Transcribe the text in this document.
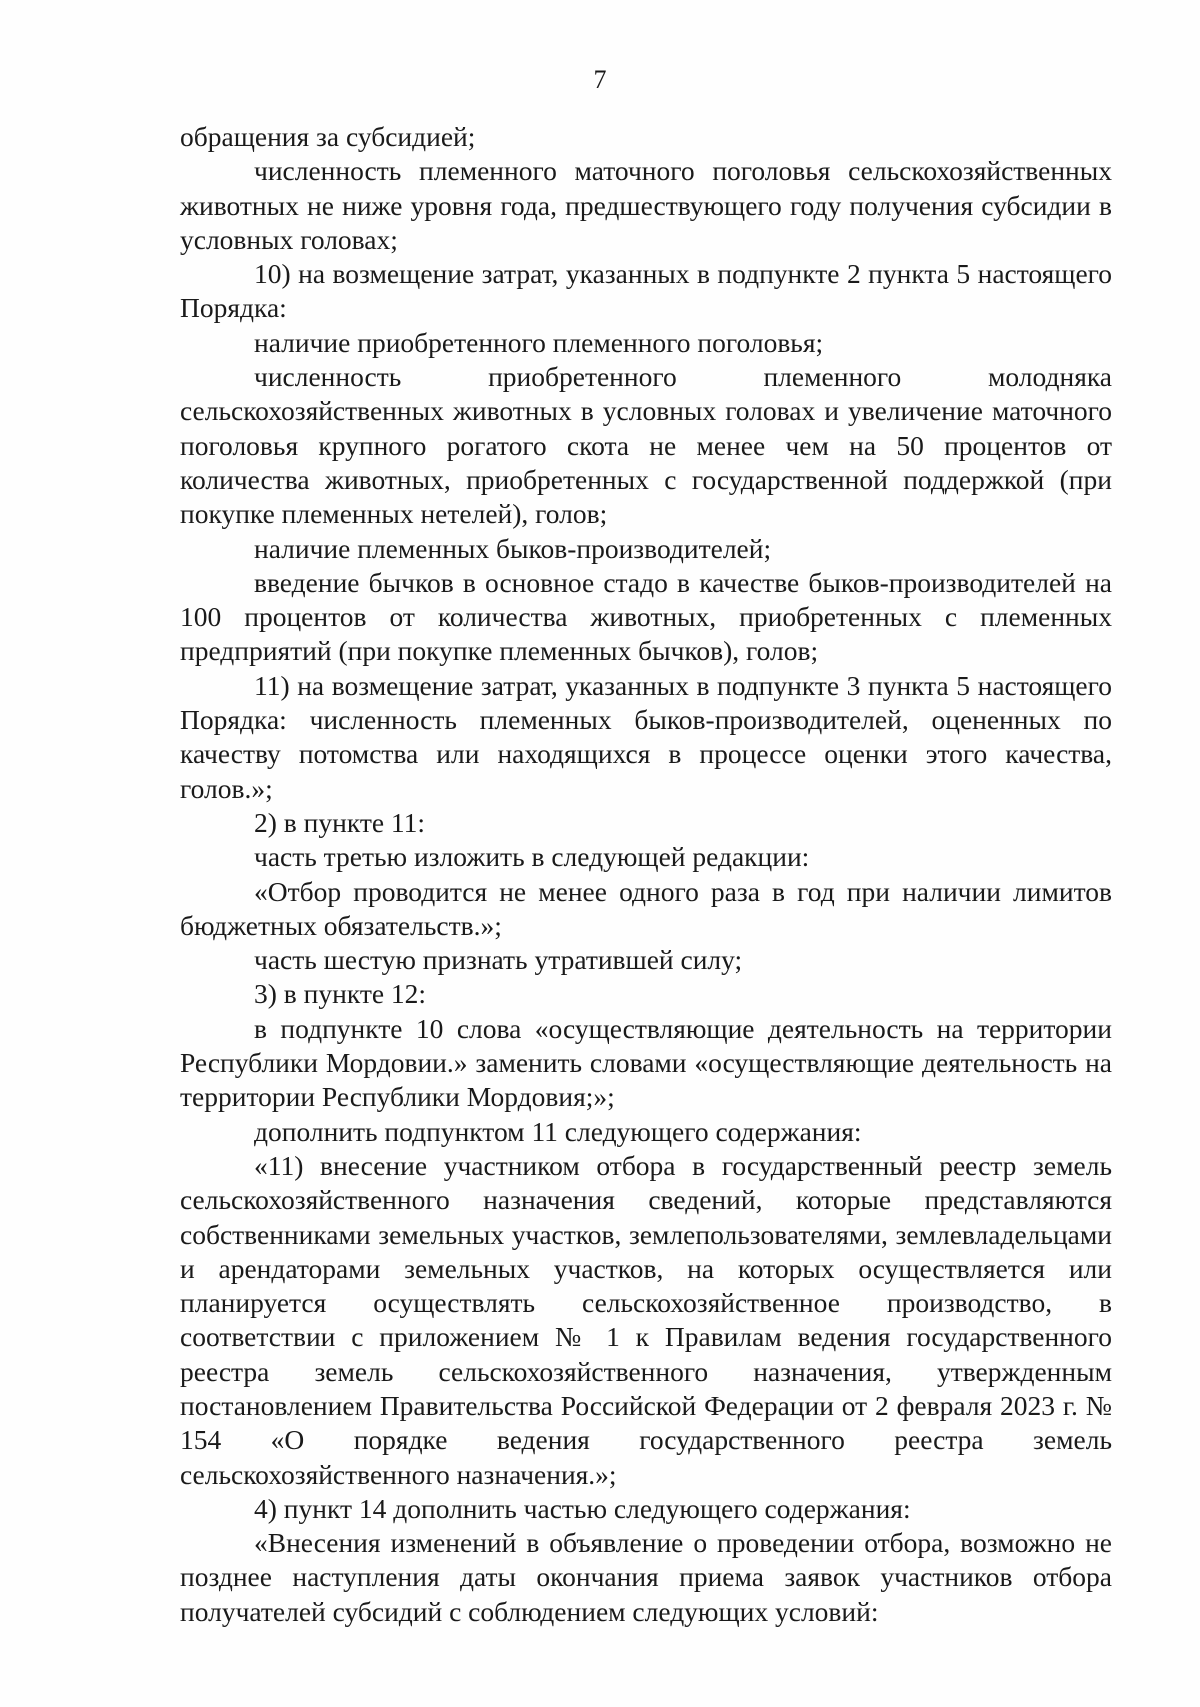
7

обращения за субсидией;

численность племенного маточного поголовья сельскохозяйственных животных не ниже уровня года, предшествующего году получения субсидии в условных головах;

10) на возмещение затрат, указанных в подпункте 2 пункта 5 настоящего Порядка:

наличие приобретенного племенного поголовья;

численность приобретенного племенного молодняка сельскохозяйственных животных в условных головах и увеличение маточного поголовья крупного рогатого скота не менее чем на 50 процентов от количества животных, приобретенных с государственной поддержкой (при покупке племенных нетелей), голов;

наличие племенных быков-производителей;

введение бычков в основное стадо в качестве быков-производителей на 100 процентов от количества животных, приобретенных с племенных предприятий (при покупке племенных бычков), голов;

11) на возмещение затрат, указанных в подпункте 3 пункта 5 настоящего Порядка: численность племенных быков-производителей, оцененных по качеству потомства или находящихся в процессе оценки этого качества, голов.»;

2) в пункте 11:

часть третью изложить в следующей редакции:

«Отбор проводится не менее одного раза в год при наличии лимитов бюджетных обязательств.»;

часть шестую признать утратившей силу;

3) в пункте 12:

в подпункте 10 слова «осуществляющие деятельность на территории Республики Мордовии.» заменить словами «осуществляющие деятельность на территории Республики Мордовия;»;

дополнить подпунктом 11 следующего содержания:

«11) внесение участником отбора в государственный реестр земель сельскохозяйственного назначения сведений, которые представляются собственниками земельных участков, землепользователями, землевладельцами и арендаторами земельных участков, на которых осуществляется или планируется осуществлять сельскохозяйственное производство, в соответствии с приложением № 1 к Правилам ведения государственного реестра земель сельскохозяйственного назначения, утвержденным постановлением Правительства Российской Федерации от 2 февраля 2023 г. № 154 «О порядке ведения государственного реестра земель сельскохозяйственного назначения.»;

4) пункт 14 дополнить частью следующего содержания:

«Внесения изменений в объявление о проведении отбора, возможно не позднее наступления даты окончания приема заявок участников отбора получателей субсидий с соблюдением следующих условий:
